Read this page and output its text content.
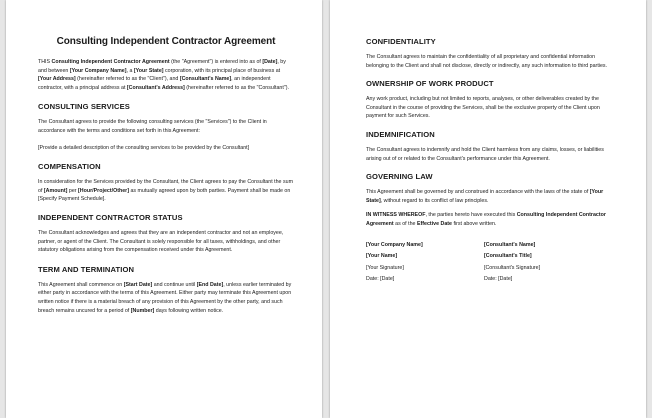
Consulting Independent Contractor Agreement

THIS Consulting Independent Contractor Agreement (the "Agreement") is entered into as of [Date], by and between [Your Company Name], a [Your State] corporation, with its principal place of business at [Your Address] (hereinafter referred to as the "Client"), and [Consultant's Name], an independent contractor, with a principal address at [Consultant's Address] (hereinafter referred to as the "Consultant").

CONSULTING SERVICES

The Consultant agrees to provide the following consulting services (the "Services") to the Client in accordance with the terms and conditions set forth in this Agreement:

[Provide a detailed description of the consulting services to be provided by the Consultant]

COMPENSATION

In consideration for the Services provided by the Consultant, the Client agrees to pay the Consultant the sum of [Amount] per [Hour/Project/Other] as mutually agreed upon by both parties. Payment shall be made on [Specify Payment Schedule].

INDEPENDENT CONTRACTOR STATUS

The Consultant acknowledges and agrees that they are an independent contractor and not an employee, partner, or agent of the Client. The Consultant is solely responsible for all taxes, withholdings, and other statutory obligations arising from the compensation received under this Agreement.

TERM AND TERMINATION

This Agreement shall commence on [Start Date] and continue until [End Date], unless earlier terminated by either party in accordance with the terms of this Agreement. Either party may terminate this Agreement upon written notice if there is a material breach of any provision of this Agreement by the other party, and such breach remains uncured for a period of [Number] days following written notice.

CONFIDENTIALITY

The Consultant agrees to maintain the confidentiality of all proprietary and confidential information belonging to the Client and shall not disclose, directly or indirectly, any such information to third parties.

OWNERSHIP OF WORK PRODUCT

Any work product, including but not limited to reports, analyses, or other deliverables created by the Consultant in the course of providing the Services, shall be the exclusive property of the Client upon payment for such Services.

INDEMNIFICATION

The Consultant agrees to indemnify and hold the Client harmless from any claims, losses, or liabilities arising out of or related to the Consultant's performance under this Agreement.

GOVERNING LAW

This Agreement shall be governed by and construed in accordance with the laws of the state of [Your State], without regard to its conflict of law principles.

IN WITNESS WHEREOF, the parties hereto have executed this Consulting Independent Contractor Agreement as of the Effective Date first above written.

[Your Company Name]
[Your Name]
[Your Signature]
Date: [Date]
[Consultant's Name]
[Consultant's Title]
[Consultant's Signature]
Date: [Date]
